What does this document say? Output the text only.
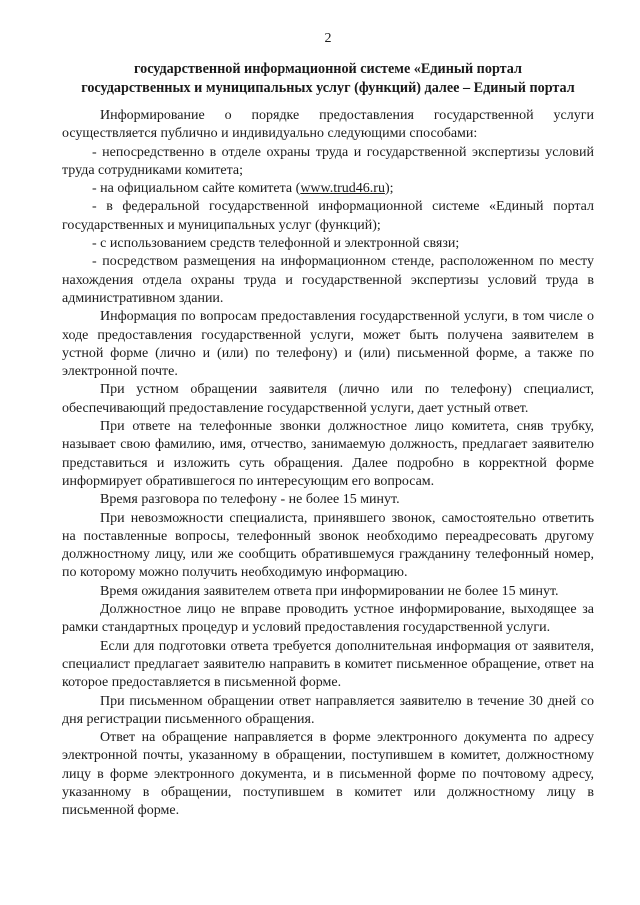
2
государственной информационной системе «Единый портал
государственных и муниципальных услуг (функций) далее – Единый портал

Информирование о порядке предоставления государственной услуги осуществляется публично и индивидуально следующими способами:

- непосредственно в отделе охраны труда и государственной экспертизы условий труда сотрудниками комитета;

- на официальном сайте комитета (www.trud46.ru);

- в федеральной государственной информационной системе «Единый портал государственных и муниципальных услуг (функций);

- с использованием средств телефонной и электронной связи;

- посредством размещения на информационном стенде, расположенном по месту нахождения отдела охраны труда и государственной экспертизы условий труда в административном здании.

Информация по вопросам предоставления государственной услуги, в том числе о ходе предоставления государственной услуги, может быть получена заявителем в устной форме (лично и (или) по телефону) и (или) письменной форме, а также по электронной почте.

При устном обращении заявителя (лично или по телефону) специалист, обеспечивающий предоставление государственной услуги, дает устный ответ.

При ответе на телефонные звонки должностное лицо комитета, сняв трубку, называет свою фамилию, имя, отчество, занимаемую должность, предлагает заявителю представиться и изложить суть обращения. Далее подробно в корректной форме информирует обратившегося по интересующим его вопросам.

Время разговора по телефону - не более 15 минут.

При невозможности специалиста, принявшего звонок, самостоятельно ответить на поставленные вопросы, телефонный звонок необходимо переадресовать другому должностному лицу, или же сообщить обратившемуся гражданину телефонный номер, по которому можно получить необходимую информацию.

Время ожидания заявителем ответа при информировании не более 15 минут.

Должностное лицо не вправе проводить устное информирование, выходящее за рамки стандартных процедур и условий предоставления государственной услуги.

Если для подготовки ответа требуется дополнительная информация от заявителя, специалист предлагает заявителю направить в комитет письменное обращение, ответ на которое предоставляется в письменной форме.

При письменном обращении ответ направляется заявителю в течение 30 дней со дня регистрации письменного обращения.

Ответ на обращение направляется в форме электронного документа по адресу электронной почты, указанному в обращении, поступившем в комитет, должностному лицу в форме электронного документа, и в письменной форме по почтовому адресу, указанному в обращении, поступившем в комитет или должностному лицу в письменной форме.
